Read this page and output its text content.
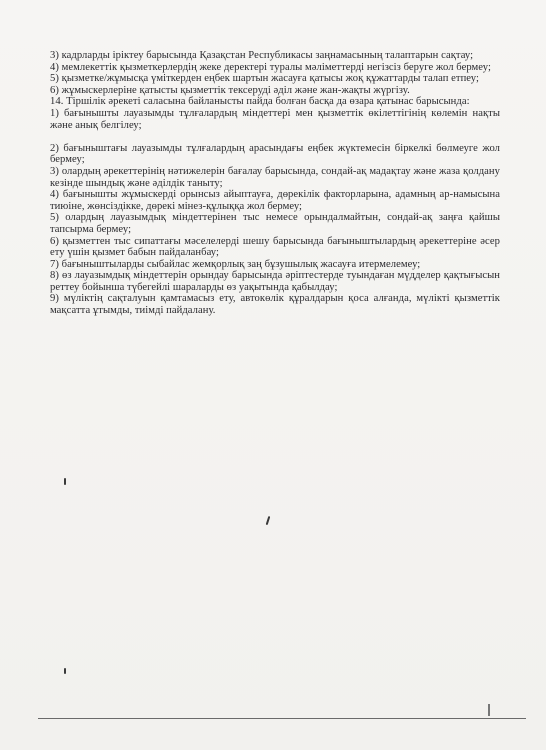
3) кадрларды іріктеу барысында Қазақстан Республикасы заңнамасының талаптарын сақтау;

4) мемлекеттік қызметкерлердің жеке деректері туралы мәліметтерді негізсіз беруге жол бермеу;

5) қызметке/жұмысқа үміткерден еңбек шартын жасауға қатысы жоқ құжаттарды талап етпеу;

6) жұмыскерлеріне қатысты қызметтік тексеруді әділ және жан-жақты жүргізу.

14. Тіршілік әрекеті саласына байланысты пайда болған басқа да өзара қатынас барысында:

1) бағынышты лауазымды тұлғалардың міндеттері мен қызметтік өкілеттігінің көлемін нақты және анық белгілеу;

2) бағыныштағы лауазымды тұлғалардың арасындағы еңбек жүктемесін біркелкі бөлмеуге жол бермеу;

3) олардың әрекеттерінің нәтижелерін бағалау барысында, сондай-ақ мадақтау және жаза қолдану кезінде шындық және әділдік таныту;

4) бағынышты жұмыскерді орынсыз айыптауға, дөрекілік факторларына, адамның ар-намысына тиюіне, жөнсіздікке, дөрекі мінез-құлыққа жол бермеу;

5) олардың лауазымдық міндеттерінен тыс немесе орындалмайтын, сондай-ақ заңға қайшы тапсырма бермеу;

6) қызметтен тыс сипаттағы мәселелерді шешу барысында бағыныштылардың әрекеттеріне әсер ету үшін қызмет бабын пайдаланбау;

7) бағыныштыларды сыбайлас жемқорлық заң бұзушылық жасауға итермелемеу;

8) өз лауазымдық міндеттерін орындау барысында әріптестерде туындаған мүдделер қақтығысын реттеу бойынша түбегейлі шараларды өз уақытында қабылдау;

9) мүліктің сақталуын қамтамасыз ету, автокөлік құралдарын қоса алғанда, мүлікті қызметтік мақсатта ұтымды, тиімді пайдалану.
